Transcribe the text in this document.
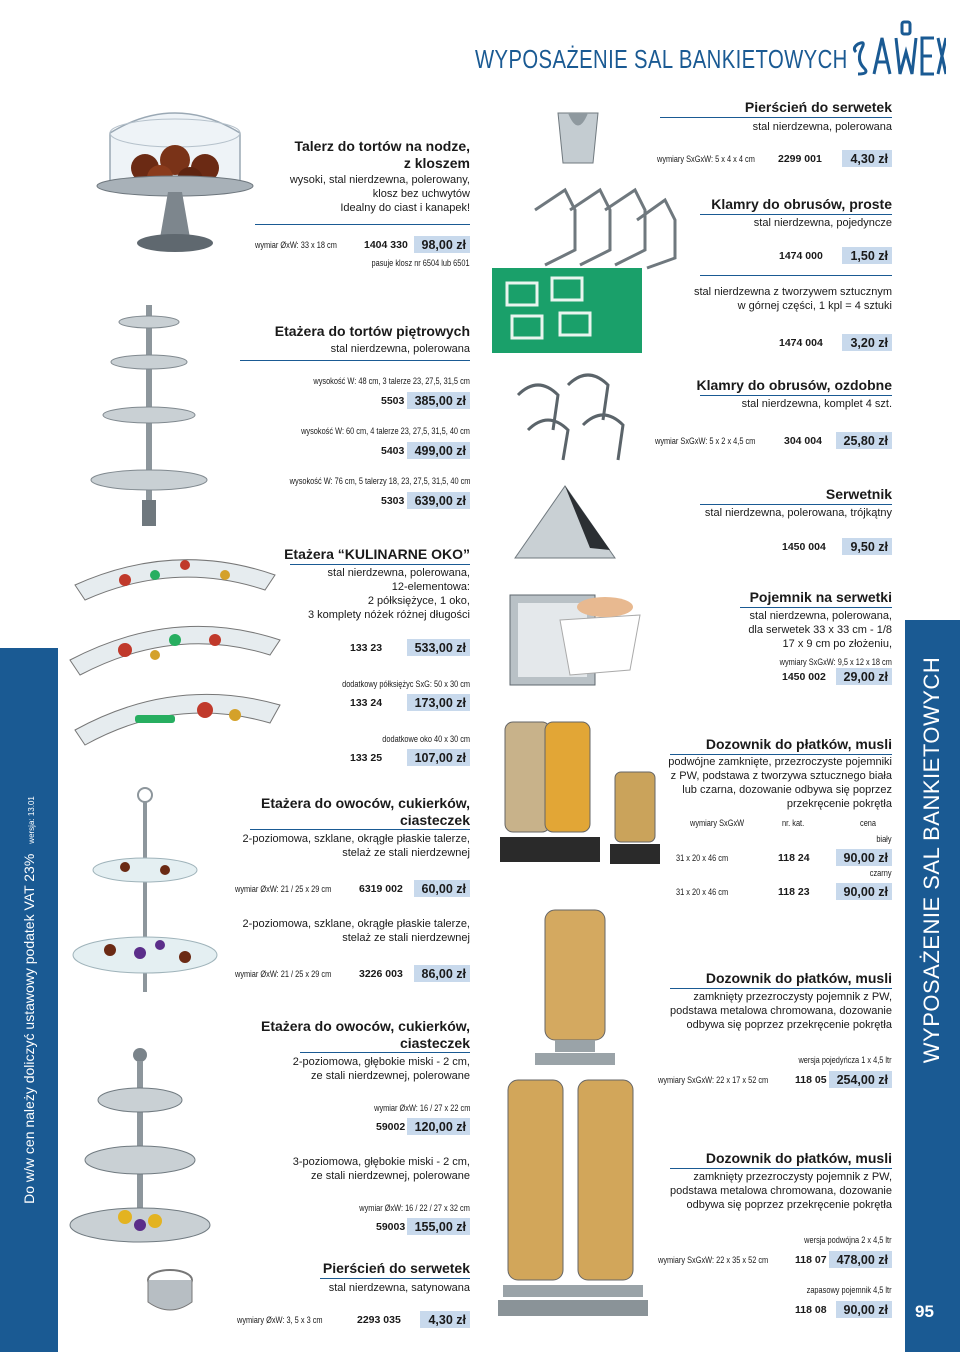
WYPOSAŻENIE SAL BANKIETOWYCH
Do w/w cen należy doliczyć ustawowy podatek VAT 23%wersja: 13.01	WYPOSAŻENIE SAL BANKIETOWYCH
95
Talerz do tortów na nodze,
z kloszem
wysoki, stal nierdzewna, polerowany,
klosz bez uchwytów
Idealny do ciast i kanapek!
wymiar ØxW: 33 x 18 cm	1404 330	98,00 zł
pasuje klosz nr 6504 lub 6501
Etażera do tortów piętrowych
stal nierdzewna, polerowana
wysokość W: 48 cm, 3 talerze 23, 27,5, 31,5 cm
5503 385,00 zł
wysokość W: 60 cm, 4 talerze 23, 27,5, 31,5, 40 cm
5403 499,00 zł
wysokość W: 76 cm, 5 talerzy 18, 23, 27,5, 31,5, 40 cm
5303 639,00 zł
Etażera “KULINARNE OKO”
stal nierdzewna, polerowana,
12-elementowa:
2 półksiężyce, 1 oko,
3 komplety nóżek różnej długości
133 23	533,00 zł
dodatkowy półksiężyc SxG: 50 x 30 cm
133 24	173,00 zł
dodatkowe oko 40 x 30 cm
133 25	107,00 zł
Etażera do owoców, cukierków,
ciasteczek
2-poziomowa, szklane, okrągłe płaskie talerze,
stelaż ze stali nierdzewnej
wymiar ØxW: 21 / 25 x 29 cm	6319 002	60,00 zł
2-poziomowa, szklane, okrągłe płaskie talerze,
stelaż ze stali nierdzewnej
wymiar ØxW: 21 / 25 x 29 cm	3226 003	86,00 zł
Etażera do owoców, cukierków,
ciasteczek
2-poziomowa, głębokie miski - 2 cm,
ze stali nierdzewnej, polerowane
wymiar ØxW: 16 / 27 x 22 cm
59002 120,00 zł
3-poziomowa, głębokie miski - 2 cm,
ze stali nierdzewnej, polerowane
wymiar ØxW: 16 / 22 / 27 x 32 cm
59003 155,00 zł
Pierścień do serwetek
stal nierdzewna, satynowana
wymiary ØxW: 3, 5 x 3 cm	2293 035	4,30 zł
Pierścień do serwetek
stal nierdzewna, polerowana
wymiary SxGxW: 5 x 4 x 4 cm 2299 001	4,30 zł
Klamry do obrusów, proste
stal nierdzewna, pojedyncze
1474 000	1,50 zł
stal nierdzewna z tworzywem sztucznym
w górnej części, 1 kpl = 4 sztuki
1474 004	3,20 zł
Klamry do obrusów, ozdobne
stal nierdzewna, komplet 4 szt.
wymiar SxGxW: 5 x 2 x 4,5 cm	304 004	25,80 zł
Serwetnik
stal nierdzewna, polerowana, trójkątny
1450 004	9,50 zł
Pojemnik na serwetki
stal nierdzewna, polerowana,
dla serwetek 33 x 33 cm - 1/8
17 x 9 cm po złożeniu,
wymiary SxGxW: 9,5 x 12 x 18 cm
1450 002	29,00 zł
Dozownik do płatków, musli
podwójne zamknięte, przezroczyste pojemniki
z PW, podstawa z tworzywa sztucznego biała
lub czarna, dozowanie odbywa się poprzez
przekręcenie pokrętła
wymiary SxGxW	nr. kat.	cena
biały
31 x 20 x 46 cm	118 24	90,00 zł
czarny
31 x 20 x 46 cm	118 23	90,00 zł
Dozownik do płatków, musli
zamknięty przezroczysty pojemnik z PW,
podstawa metalowa chromowana, dozowanie
odbywa się poprzez przekręcenie pokrętła
wersja pojedyńcza 1 x 4,5 ltr
wymiary SxGxW: 22 x 17 x 52 cm	118 05 254,00 zł
Dozownik do płatków, musli
zamknięty przezroczysty pojemnik z PW,
podstawa metalowa chromowana, dozowanie
odbywa się poprzez przekręcenie pokrętła
wersja podwójna 2 x 4,5 ltr
wymiary SxGxW: 22 x 35 x 52 cm	118 07 478,00 zł
zapasowy pojemnik 4,5 ltr
118 08	90,00 zł
